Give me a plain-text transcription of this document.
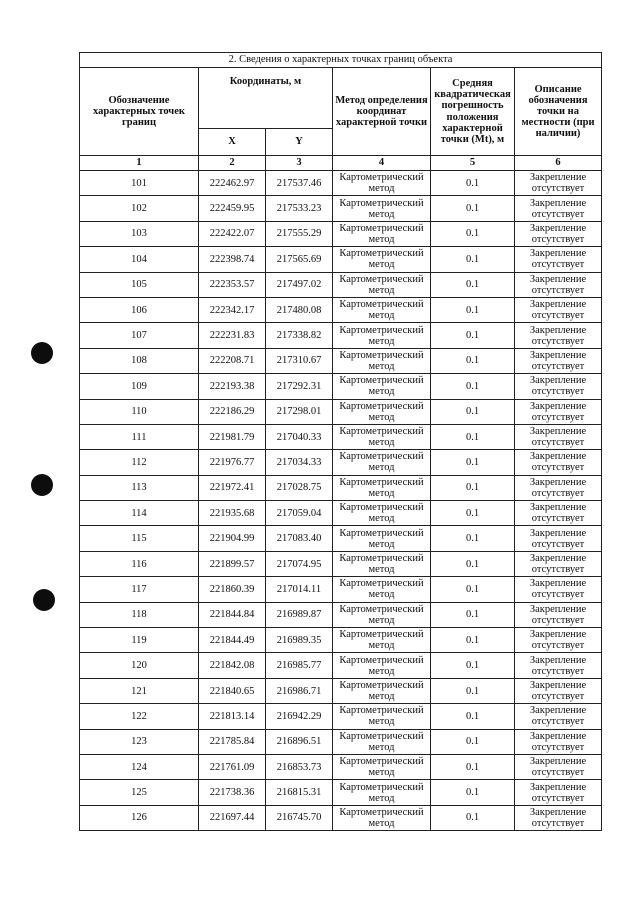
2. Сведения о характерных точках границ объекта					
Обозначение характерных точек границ	Координаты, м		Метод определения координат характерной точки	Средняя квадратическая погрешность положения характерной точки (Mt), м	Описание обозначения точки на местности (при наличии)
	X	Y			
1	2	3	4	5	6
101	222462.97	217537.46	Картометрический метод	0.1	Закрепление отсутствует
102	222459.95	217533.23	Картометрический метод	0.1	Закрепление отсутствует
103	222422.07	217555.29	Картометрический метод	0.1	Закрепление отсутствует
104	222398.74	217565.69	Картометрический метод	0.1	Закрепление отсутствует
105	222353.57	217497.02	Картометрический метод	0.1	Закрепление отсутствует
106	222342.17	217480.08	Картометрический метод	0.1	Закрепление отсутствует
107	222231.83	217338.82	Картометрический метод	0.1	Закрепление отсутствует
108	222208.71	217310.67	Картометрический метод	0.1	Закрепление отсутствует
109	222193.38	217292.31	Картометрический метод	0.1	Закрепление отсутствует
110	222186.29	217298.01	Картометрический метод	0.1	Закрепление отсутствует
111	221981.79	217040.33	Картометрический метод	0.1	Закрепление отсутствует
112	221976.77	217034.33	Картометрический метод	0.1	Закрепление отсутствует
113	221972.41	217028.75	Картометрический метод	0.1	Закрепление отсутствует
114	221935.68	217059.04	Картометрический метод	0.1	Закрепление отсутствует
115	221904.99	217083.40	Картометрический метод	0.1	Закрепление отсутствует
116	221899.57	217074.95	Картометрический метод	0.1	Закрепление отсутствует
117	221860.39	217014.11	Картометрический метод	0.1	Закрепление отсутствует
118	221844.84	216989.87	Картометрический метод	0.1	Закрепление отсутствует
119	221844.49	216989.35	Картометрический метод	0.1	Закрепление отсутствует
120	221842.08	216985.77	Картометрический метод	0.1	Закрепление отсутствует
121	221840.65	216986.71	Картометрический метод	0.1	Закрепление отсутствует
122	221813.14	216942.29	Картометрический метод	0.1	Закрепление отсутствует
123	221785.84	216896.51	Картометрический метод	0.1	Закрепление отсутствует
124	221761.09	216853.73	Картометрический метод	0.1	Закрепление отсутствует
125	221738.36	216815.31	Картометрический метод	0.1	Закрепление отсутствует
126	221697.44	216745.70	Картометрический метод	0.1	Закрепление отсутствует
